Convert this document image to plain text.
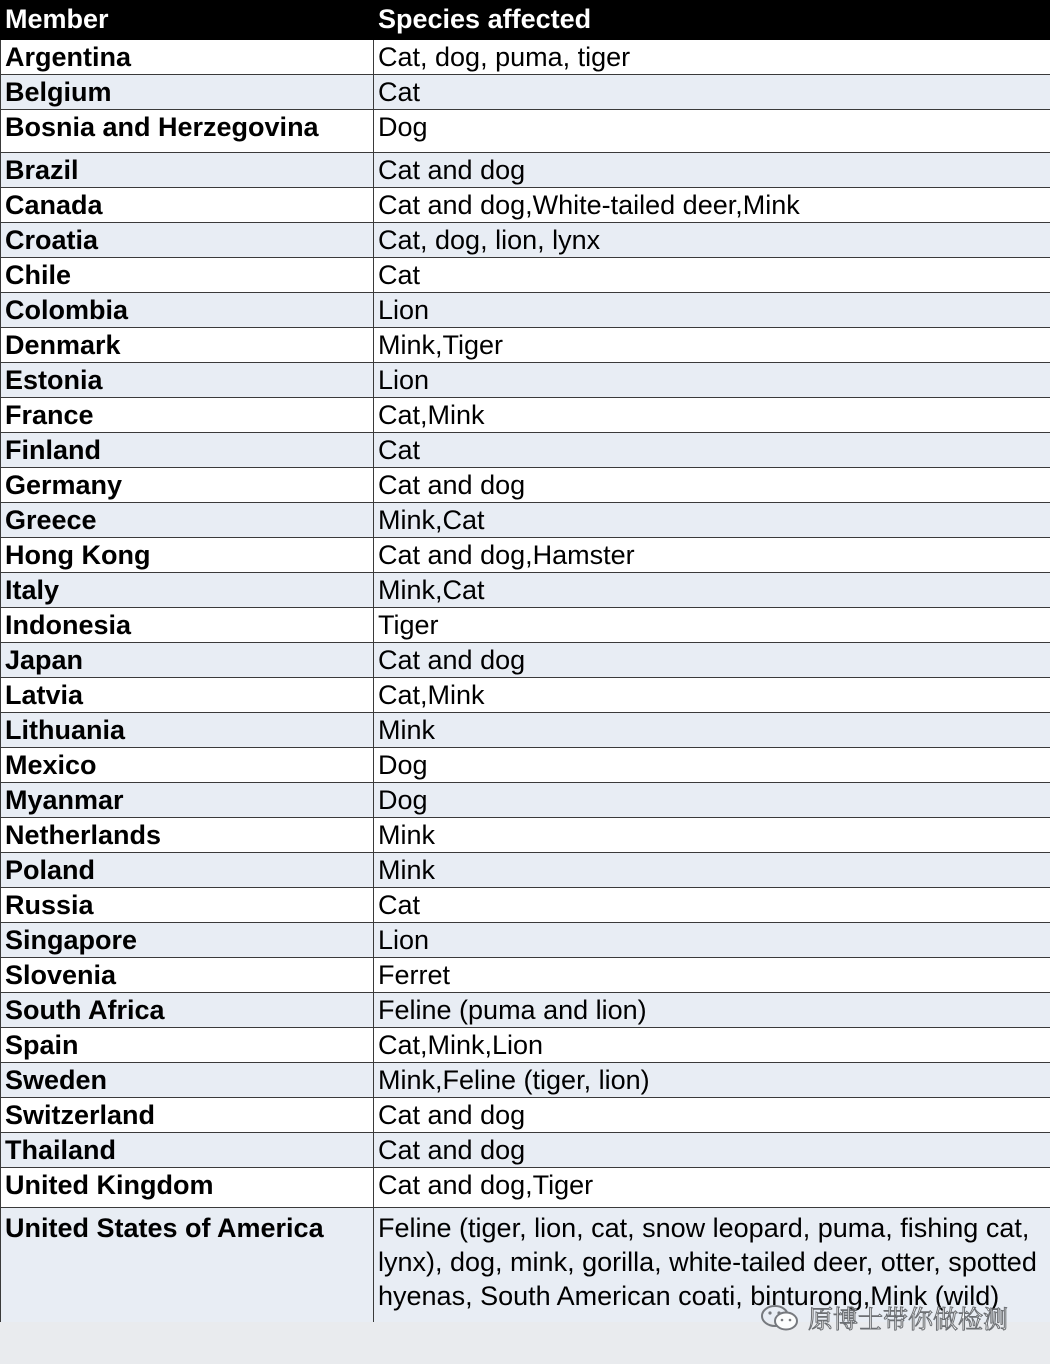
Member	Species affected
Argentina	Cat, dog, puma, tiger
Belgium	Cat
Bosnia and Herzegovina	Dog
Brazil	Cat and dog
Canada	Cat and dog,White-tailed deer,Mink
Croatia	Cat, dog, lion, lynx
Chile	Cat
Colombia	Lion
Denmark	Mink,Tiger
Estonia	Lion
France	Cat,Mink
Finland	Cat
Germany	Cat and dog
Greece	Mink,Cat
Hong Kong	Cat and dog,Hamster
Italy	Mink,Cat
Indonesia	Tiger
Japan	Cat and dog
Latvia	Cat,Mink
Lithuania	Mink
Mexico	Dog
Myanmar	Dog
Netherlands	Mink
Poland	Mink
Russia	Cat
Singapore	Lion
Slovenia	Ferret
South Africa	Feline (puma and lion)
Spain	Cat,Mink,Lion
Sweden	Mink,Feline (tiger, lion)
Switzerland	Cat and dog
Thailand	Cat and dog
United Kingdom	Cat and dog,Tiger
United States of America	Feline (tiger, lion, cat, snow leopard, puma, fishing cat, lynx), dog, mink, gorilla, white-tailed deer, otter, spotted hyenas, South American coati, binturong,Mink (wild)
原博士带你做检测
